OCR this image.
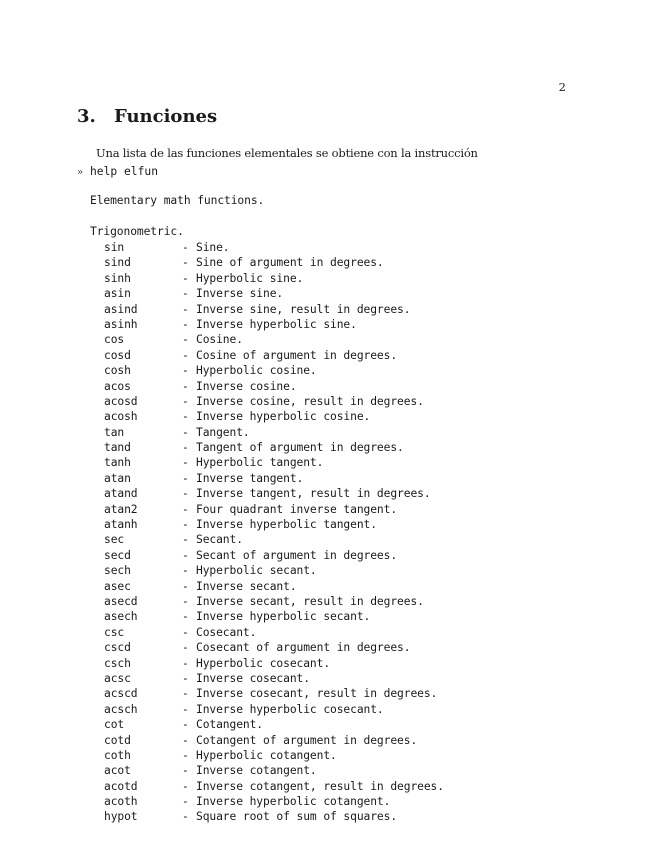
2
3. Funciones
Una lista de las funciones elementales se obtiene con la instrucción
» help elfun
Elementary math functions.
Trigonometric.
sin	- Sine.
sind	- Sine of argument in degrees.
sinh	- Hyperbolic sine.
asin	- Inverse sine.
asind	- Inverse sine, result in degrees.
asinh	- Inverse hyperbolic sine.
cos	- Cosine.
cosd	- Cosine of argument in degrees.
cosh	- Hyperbolic cosine.
acos	- Inverse cosine.
acosd	- Inverse cosine, result in degrees.
acosh	- Inverse hyperbolic cosine.
tan	- Tangent.
tand	- Tangent of argument in degrees.
tanh	- Hyperbolic tangent.
atan	- Inverse tangent.
atand	- Inverse tangent, result in degrees.
atan2	- Four quadrant inverse tangent.
atanh	- Inverse hyperbolic tangent.
sec	- Secant.
secd	- Secant of argument in degrees.
sech	- Hyperbolic secant.
asec	- Inverse secant.
asecd	- Inverse secant, result in degrees.
asech	- Inverse hyperbolic secant.
csc	- Cosecant.
cscd	- Cosecant of argument in degrees.
csch	- Hyperbolic cosecant.
acsc	- Inverse cosecant.
acscd	- Inverse cosecant, result in degrees.
acsch	- Inverse hyperbolic cosecant.
cot	- Cotangent.
cotd	- Cotangent of argument in degrees.
coth	- Hyperbolic cotangent.
acot	- Inverse cotangent.
acotd	- Inverse cotangent, result in degrees.
acoth	- Inverse hyperbolic cotangent.
hypot	- Square root of sum of squares.
